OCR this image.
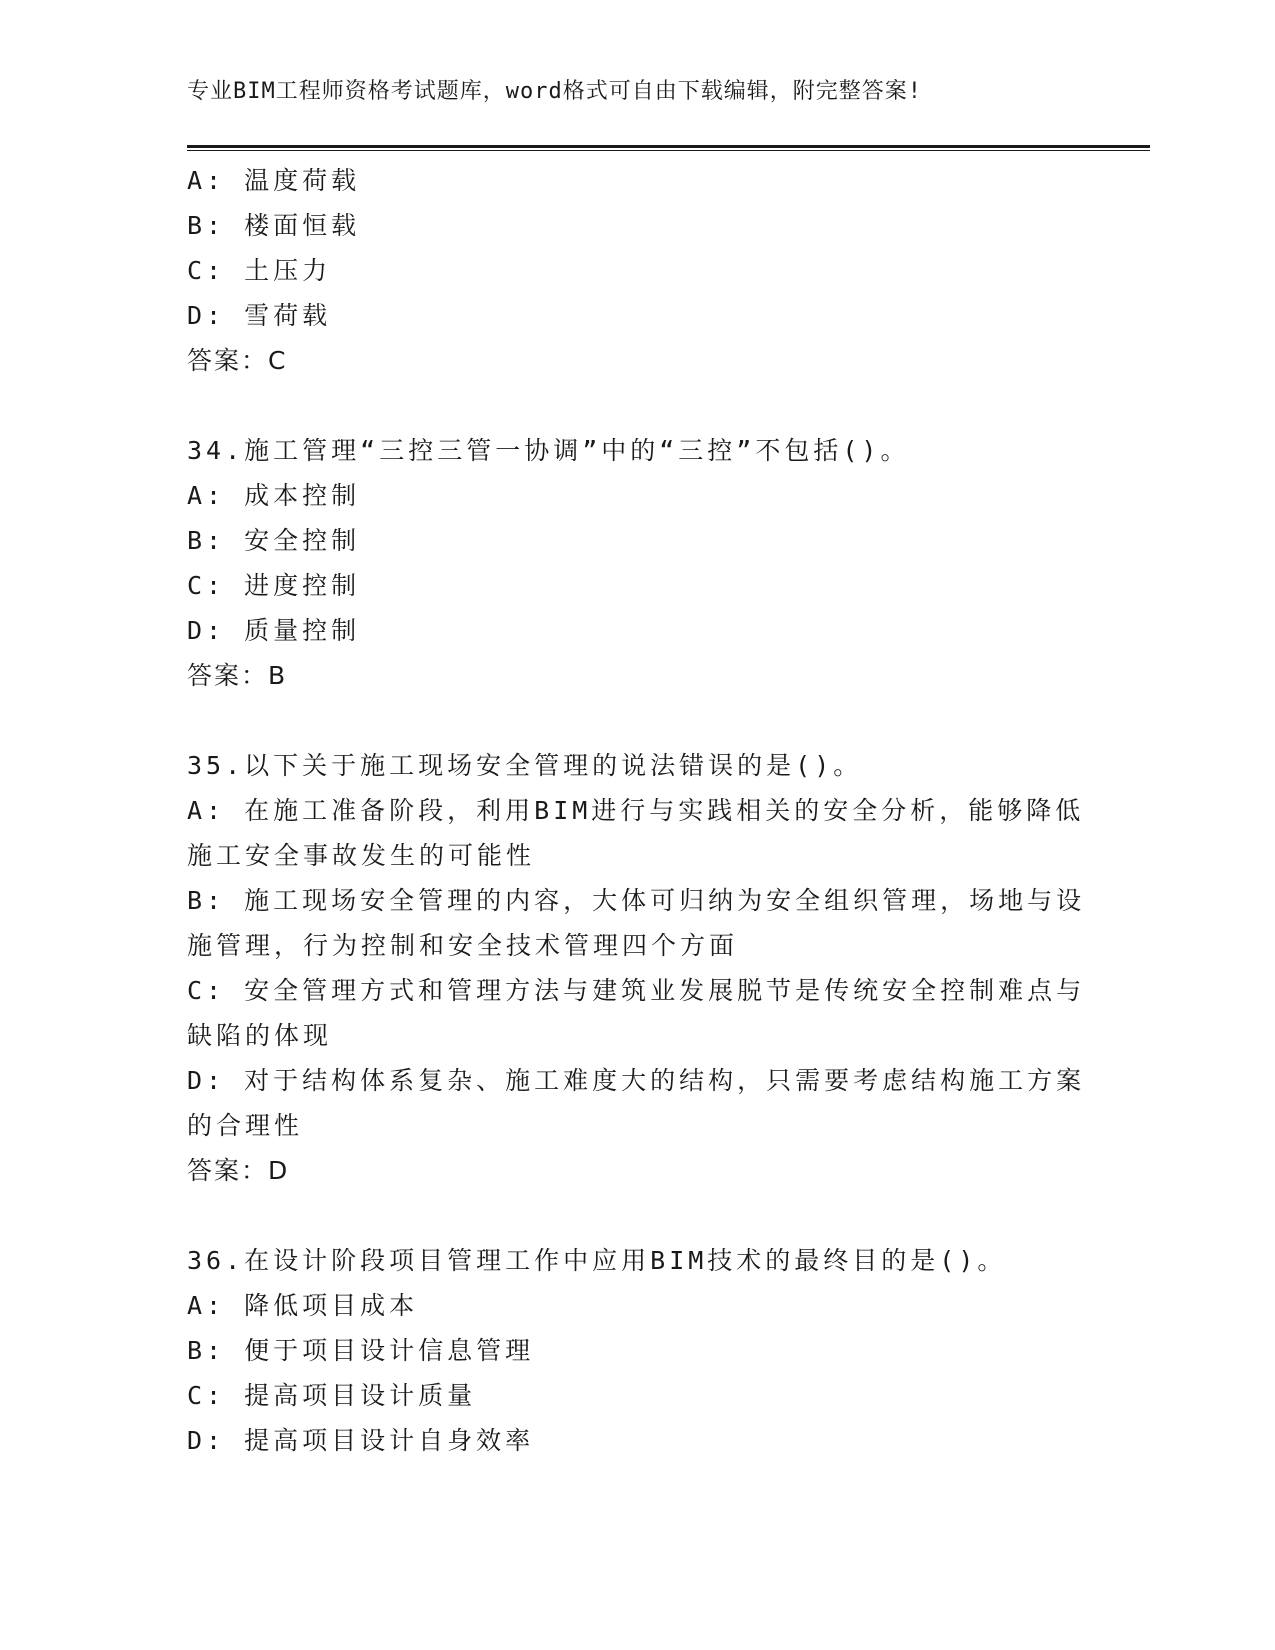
专业BIM工程师资格考试题库，word格式可自由下载编辑，附完整答案!
A: 温度荷载
B: 楼面恒载
C: 土压力
D: 雪荷载
答案：C
34.施工管理“三控三管一协调”中的“三控”不包括()。
A: 成本控制
B: 安全控制
C: 进度控制
D: 质量控制
答案：B
35.以下关于施工现场安全管理的说法错误的是()。
A: 在施工准备阶段，利用BIM进行与实践相关的安全分析，能够降低
施工安全事故发生的可能性
B: 施工现场安全管理的内容，大体可归纳为安全组织管理，场地与设
施管理，行为控制和安全技术管理四个方面
C: 安全管理方式和管理方法与建筑业发展脱节是传统安全控制难点与
缺陷的体现
D: 对于结构体系复杂、施工难度大的结构，只需要考虑结构施工方案
的合理性
答案：D
36.在设计阶段项目管理工作中应用BIM技术的最终目的是()。
A: 降低项目成本
B: 便于项目设计信息管理
C: 提高项目设计质量
D: 提高项目设计自身效率
